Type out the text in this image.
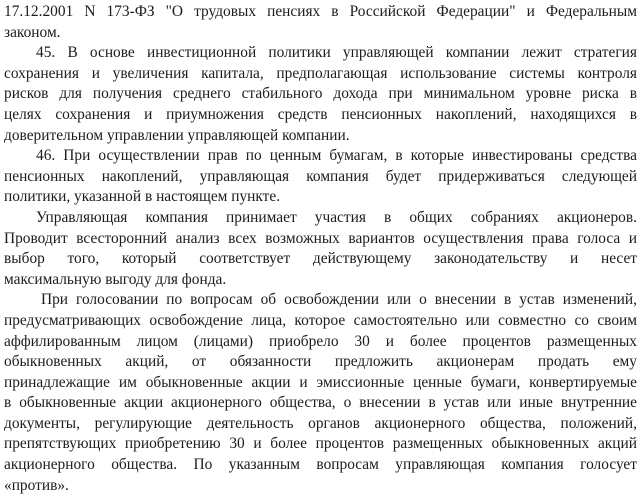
17.12.2001 N 173-ФЗ "О трудовых пенсиях в Российской Федерации" и Федеральным
законом.
45. В основе инвестиционной политики управляющей компании лежит стратегия
сохранения и увеличения капитала, предполагающая использование системы контроля
рисков для получения среднего стабильного дохода при минимальном уровне риска в
целях сохранения и приумножения средств пенсионных накоплений, находящихся в
доверительном управлении управляющей компании.
46. При осуществлении прав по ценным бумагам, в которые инвестированы средства
пенсионных накоплений, управляющая компания будет придерживаться следующей
политики, указанной в настоящем пункте.
Управляющая компания принимает участия в общих собраниях акционеров.
Проводит всесторонний анализ всех возможных вариантов осуществления права голоса и
выбор того, который соответствует действующему законодательству и несет
максимальную выгоду для фонда.
При голосовании по вопросам об освобождении или о внесении в устав изменений,
предусматривающих освобождение лица, которое самостоятельно или совместно со своим
аффилированным лицом (лицами) приобрело 30 и более процентов размещенных
обыкновенных акций, от обязанности предложить акционерам продать ему
принадлежащие им обыкновенные акции и эмиссионные ценные бумаги, конвертируемые
в обыкновенные акции акционерного общества, о внесении в устав или иные внутренние
документы, регулирующие деятельность органов акционерного общества, положений,
препятствующих приобретению 30 и более процентов размещенных обыкновенных акций
акционерного общества. По указанным вопросам управляющая компания голосует
«против».
